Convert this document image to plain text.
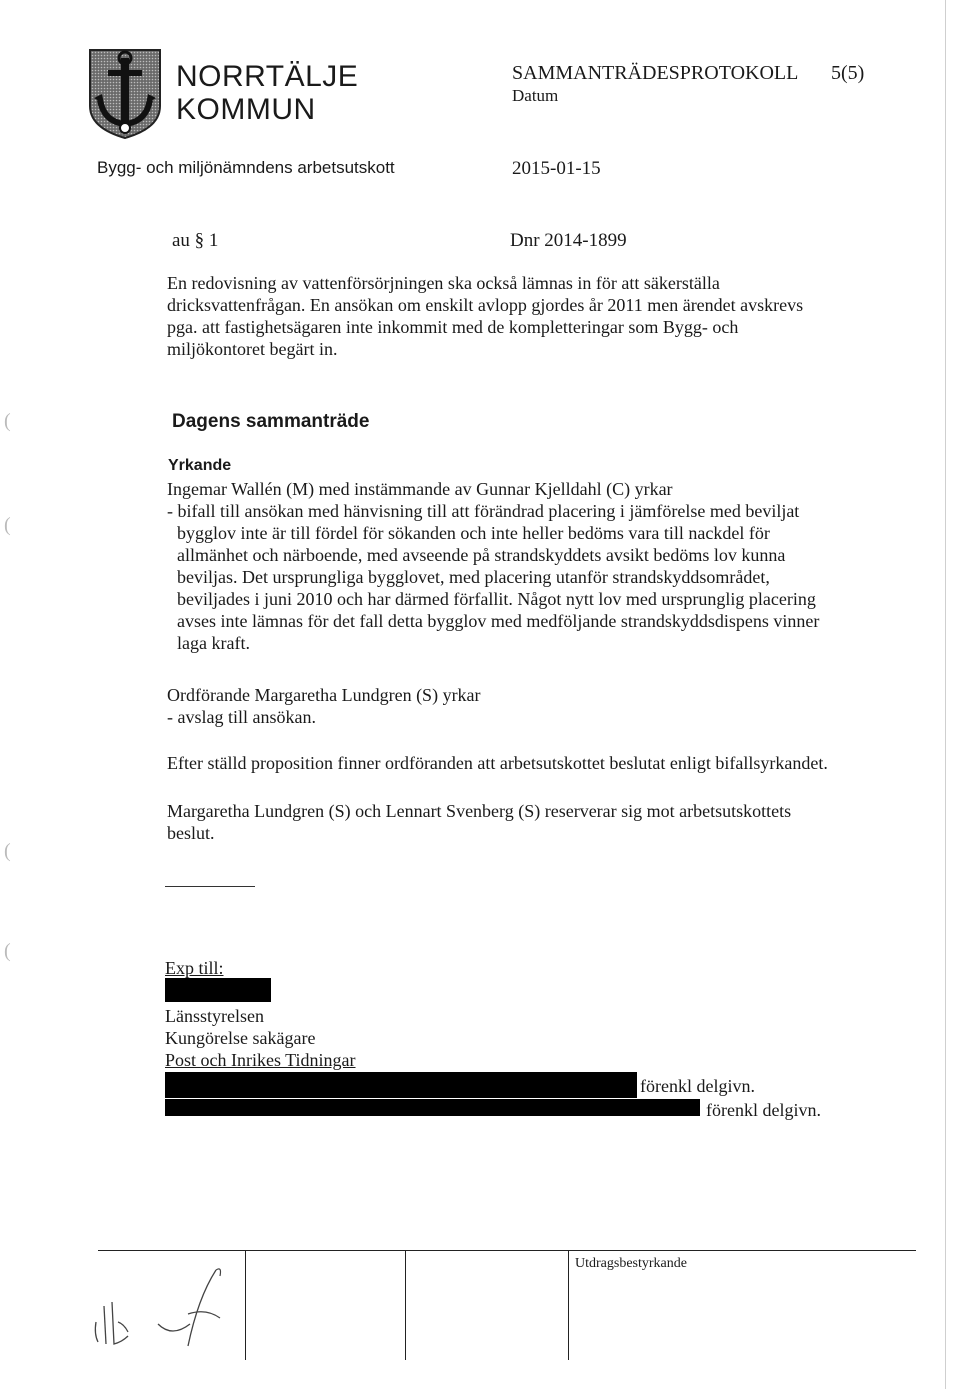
NORRTÄLJE
KOMMUN
SAMMANTRÄDESPROTOKOLL 5(5)
Datum
Bygg- och miljönämndens arbetsutskott	2015-01-15
au § 1	Dnr 2014-1899
En redovisning av vattenförsörjningen ska också lämnas in för att säkerställa
dricksvattenfrågan. En ansökan om enskilt avlopp gjordes år 2011 men ärendet avskrevs
pga. att fastighetsägaren inte inkommit med de kompletteringar som Bygg- och
miljökontoret begärt in.
Dagens sammanträde
Yrkande
Ingemar Wallén (M) med instämmande av Gunnar Kjelldahl (C) yrkar
- bifall till ansökan med hänvisning till att förändrad placering i jämförelse med beviljat
bygglov inte är till fördel för sökanden och inte heller bedöms vara till nackdel för
allmänhet och närboende, med avseende på strandskyddets avsikt bedöms lov kunna
beviljas. Det ursprungliga bygglovet, med placering utanför strandskyddsområdet,
beviljades i juni 2010 och har därmed förfallit. Något nytt lov med ursprunglig placering
avses inte lämnas för det fall detta bygglov med medföljande strandskyddsdispens vinner
laga kraft.
Ordförande Margaretha Lundgren (S) yrkar
- avslag till ansökan.
Efter ställd proposition finner ordföranden att arbetsutskottet beslutat enligt bifallsyrkandet.
Margaretha Lundgren (S) och Lennart Svenberg (S) reserverar sig mot arbetsutskottets
beslut.
Exp till:
Länsstyrelsen
Kungörelse sakägare
Post och Inrikes Tidningar
förenkl delgivn.
förenkl delgivn.
Utdragsbestyrkande
(
(
(
(
